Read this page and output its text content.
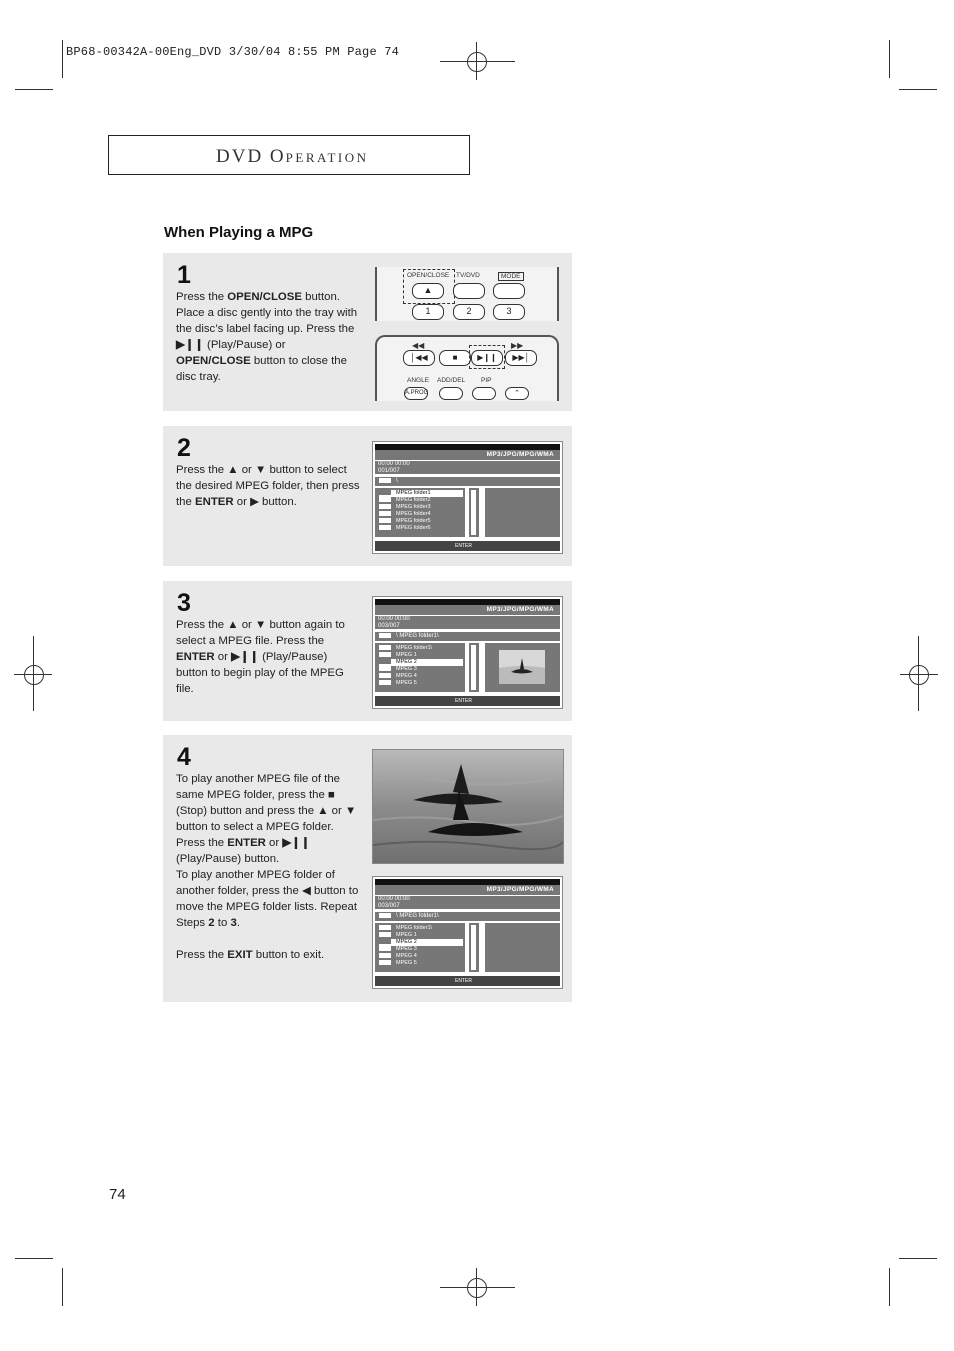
BP68-00342A-00Eng_DVD 3/30/04 8:55 PM Page 74
DVD OPERATION
When Playing a MPG
1
Press the OPEN/CLOSE button. Place a disc gently into the tray with the disc’s label facing up. Press the ▶❙❙ (Play/Pause) or OPEN/CLOSE button to close the disc tray.
OPEN/CLOSE TV/DVD	MODE
▲
1	2	3
◀◀	▶▶
│◀◀	■	▶❙❙	▶▶│
ANGLE ADD/DEL PIP
A.PROG	⌃
2
Press the ▲ or ▼ button to select the desired MPEG folder, then press the ENTER or ▶ button.
MP3/JPG/MPG/WMA
00:00 00:00
001/007
\
MPEG folder1
MPEG folder2
MPEG folder3
MPEG folder4
MPEG folder5
MPEG folder6
ENTER
3
Press the ▲ or ▼ button again to select a MPEG file. Press the ENTER or ▶❙❙ (Play/Pause) button to begin play of the MPEG file.
MP3/JPG/MPG/WMA
00:00 00:00
003/007
\ MPEG folder1\
MPEG folder1\
MPEG 1
MPEG 2
MPEG 3
MPEG 4
MPEG 5
ENTER
4
To play another MPEG file of the same MPEG folder, press the ■ (Stop) button and press the ▲ or ▼ button to select a MPEG folder. Press the ENTER or ▶❙❙ (Play/Pause) button.
To play another MPEG folder of another folder, press the ◀ button to move the MPEG folder lists. Repeat Steps 2 to 3.

Press the EXIT button to exit.
MP3/JPG/MPG/WMA
00:00 00:00
003/007
\ MPEG folder1\
MPEG folder1\
MPEG 1
MPEG 2
MPEG 3
MPEG 4
MPEG 5
ENTER
74
